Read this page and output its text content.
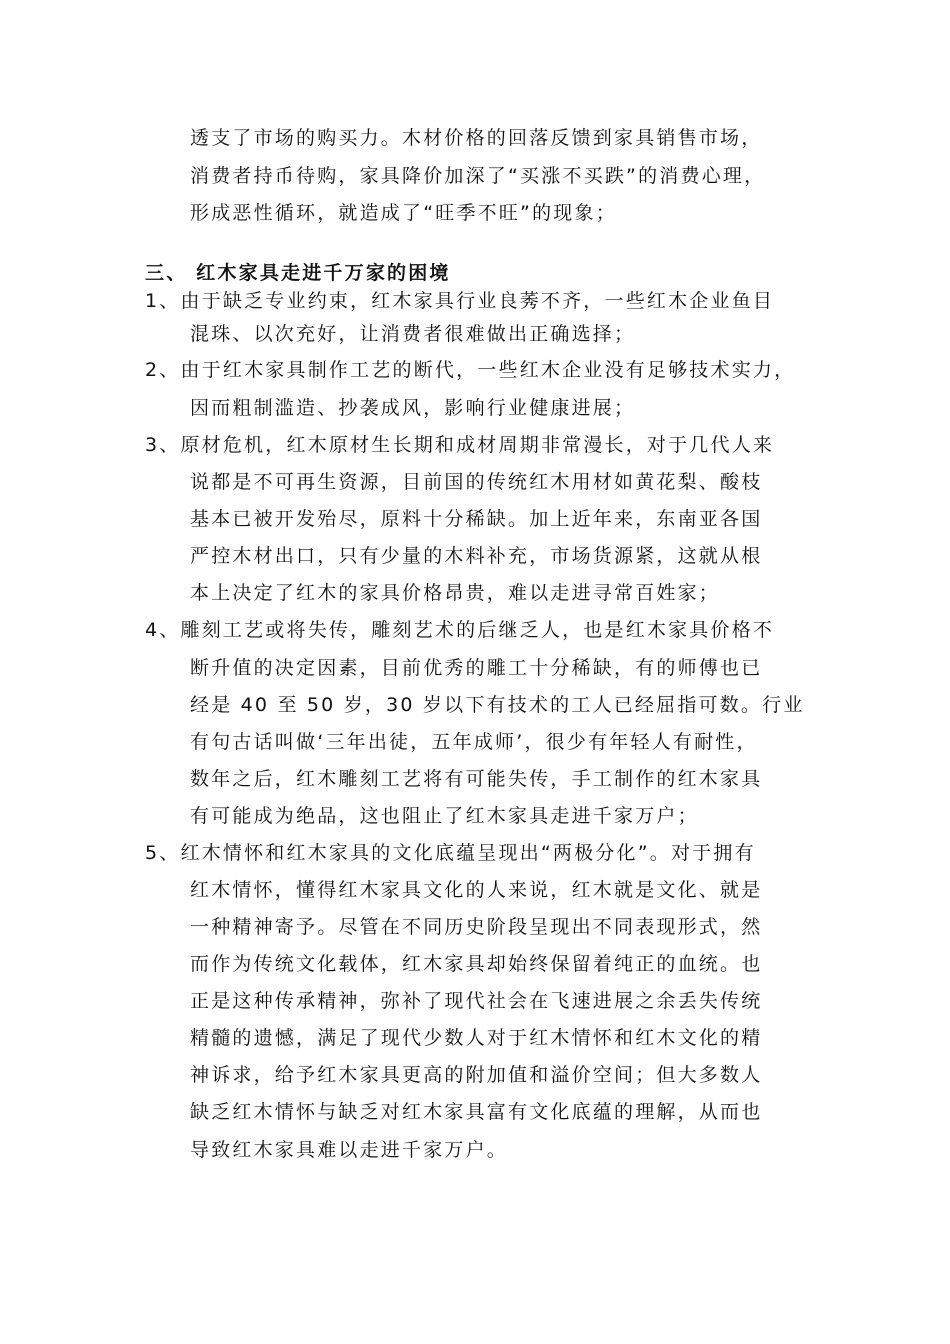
透支了市场的购买力。木材价格的回落反馈到家具销售市场，
消费者持币待购，家具降价加深了“买涨不买跌”的消费心理，
形成恶性循环，就造成了“旺季不旺”的现象；
三、 红木家具走进千万家的困境
1、由于缺乏专业约束，红木家具行业良莠不齐，一些红木企业鱼目
混珠、以次充好，让消费者很难做出正确选择；
2、由于红木家具制作工艺的断代，一些红木企业没有足够技术实力，
因而粗制滥造、抄袭成风，影响行业健康进展；
3、原材危机，红木原材生长期和成材周期非常漫长，对于几代人来
说都是不可再生资源，目前国的传统红木用材如黄花梨、酸枝
基本已被开发殆尽，原料十分稀缺。加上近年来，东南亚各国
严控木材出口，只有少量的木料补充，市场货源紧，这就从根
本上决定了红木的家具价格昂贵，难以走进寻常百姓家；
4、雕刻工艺或将失传，雕刻艺术的后继乏人，也是红木家具价格不
断升值的决定因素，目前优秀的雕工十分稀缺，有的师傅也已
经是 40 至 50 岁，30 岁以下有技术的工人已经屈指可数。行业
有句古话叫做‘三年出徒，五年成师’，很少有年轻人有耐性，
数年之后，红木雕刻工艺将有可能失传，手工制作的红木家具
有可能成为绝品，这也阻止了红木家具走进千家万户；
5、红木情怀和红木家具的文化底蕴呈现出“两极分化”。对于拥有
红木情怀，懂得红木家具文化的人来说，红木就是文化、就是
一种精神寄予。尽管在不同历史阶段呈现出不同表现形式，然
而作为传统文化载体，红木家具却始终保留着纯正的血统。也
正是这种传承精神，弥补了现代社会在飞速进展之余丢失传统
精髓的遗憾，满足了现代少数人对于红木情怀和红木文化的精
神诉求，给予红木家具更高的附加值和溢价空间；但大多数人
缺乏红木情怀与缺乏对红木家具富有文化底蕴的理解，从而也
导致红木家具难以走进千家万户。
